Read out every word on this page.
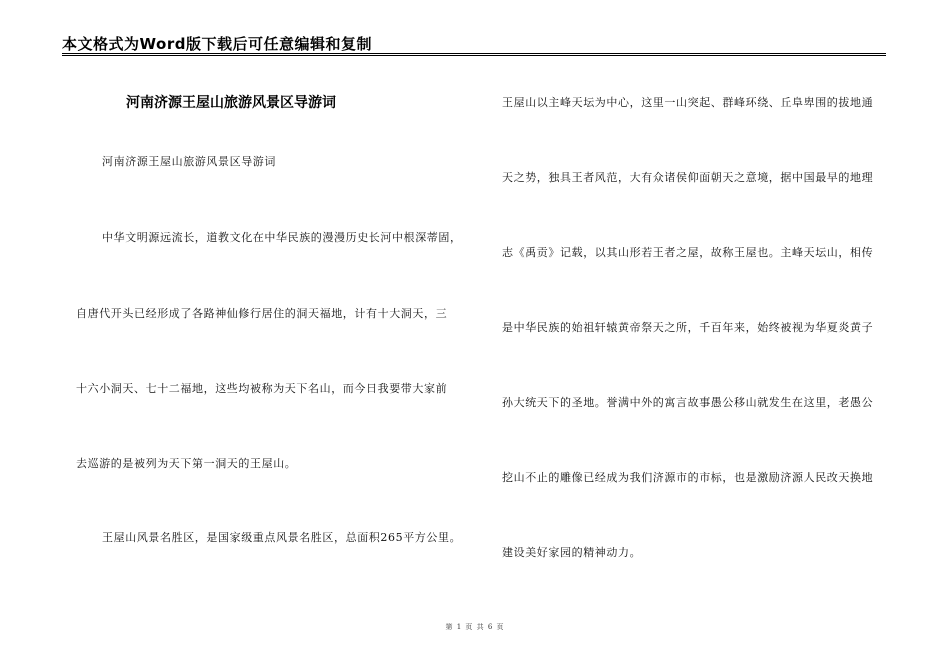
本文格式为Word版下载后可任意编辑和复制
河南济源王屋山旅游风景区导游词
河南济源王屋山旅游风景区导游词
中华文明源远流长，道教文化在中华民族的漫漫历史长河中根深蒂固，
自唐代开头已经形成了各路神仙修行居住的洞天福地，计有十大洞天，三
十六小洞天、七十二福地，这些均被称为天下名山，而今日我要带大家前
去巡游的是被列为天下第一洞天的王屋山。
王屋山风景名胜区，是国家级重点风景名胜区，总面积265平方公里。
王屋山以主峰天坛为中心，这里一山突起、群峰环绕、丘阜卑围的拔地通
天之势，独具王者风范，大有众诸侯仰面朝天之意境，据中国最早的地理
志《禹贡》记载，以其山形若王者之屋，故称王屋也。主峰天坛山，相传
是中华民族的始祖轩辕黄帝祭天之所，千百年来，始终被视为华夏炎黄子
孙大统天下的圣地。誉满中外的寓言故事愚公移山就发生在这里，老愚公
挖山不止的雕像已经成为我们济源市的市标，也是激励济源人民改天换地
建设美好家园的精神动力。
第 1 页 共 6 页
